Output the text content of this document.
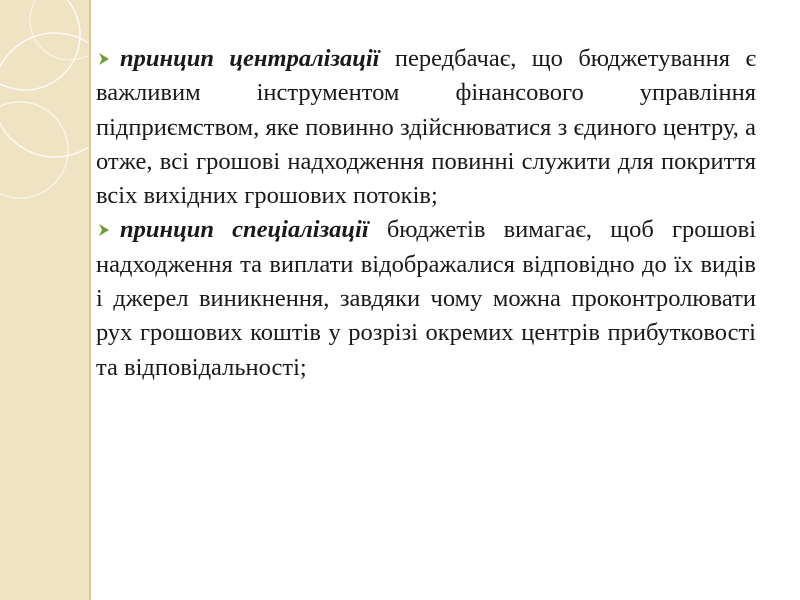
принцип централізації передбачає, що бюджетування є важливим інструментом фінансового управління підприємством, яке повинно здійснюватися з єдиного центру, а отже, всі грошові надходження повинні служити для покриття всіх вихідних грошових потоків;

принцип спеціалізації бюджетів вимагає, щоб грошові надходження та виплати відображалися відповідно до їх видів і джерел виникнення, завдяки чому можна проконтролювати рух грошових коштів у розрізі окремих центрів прибутковості та відповідальності;
